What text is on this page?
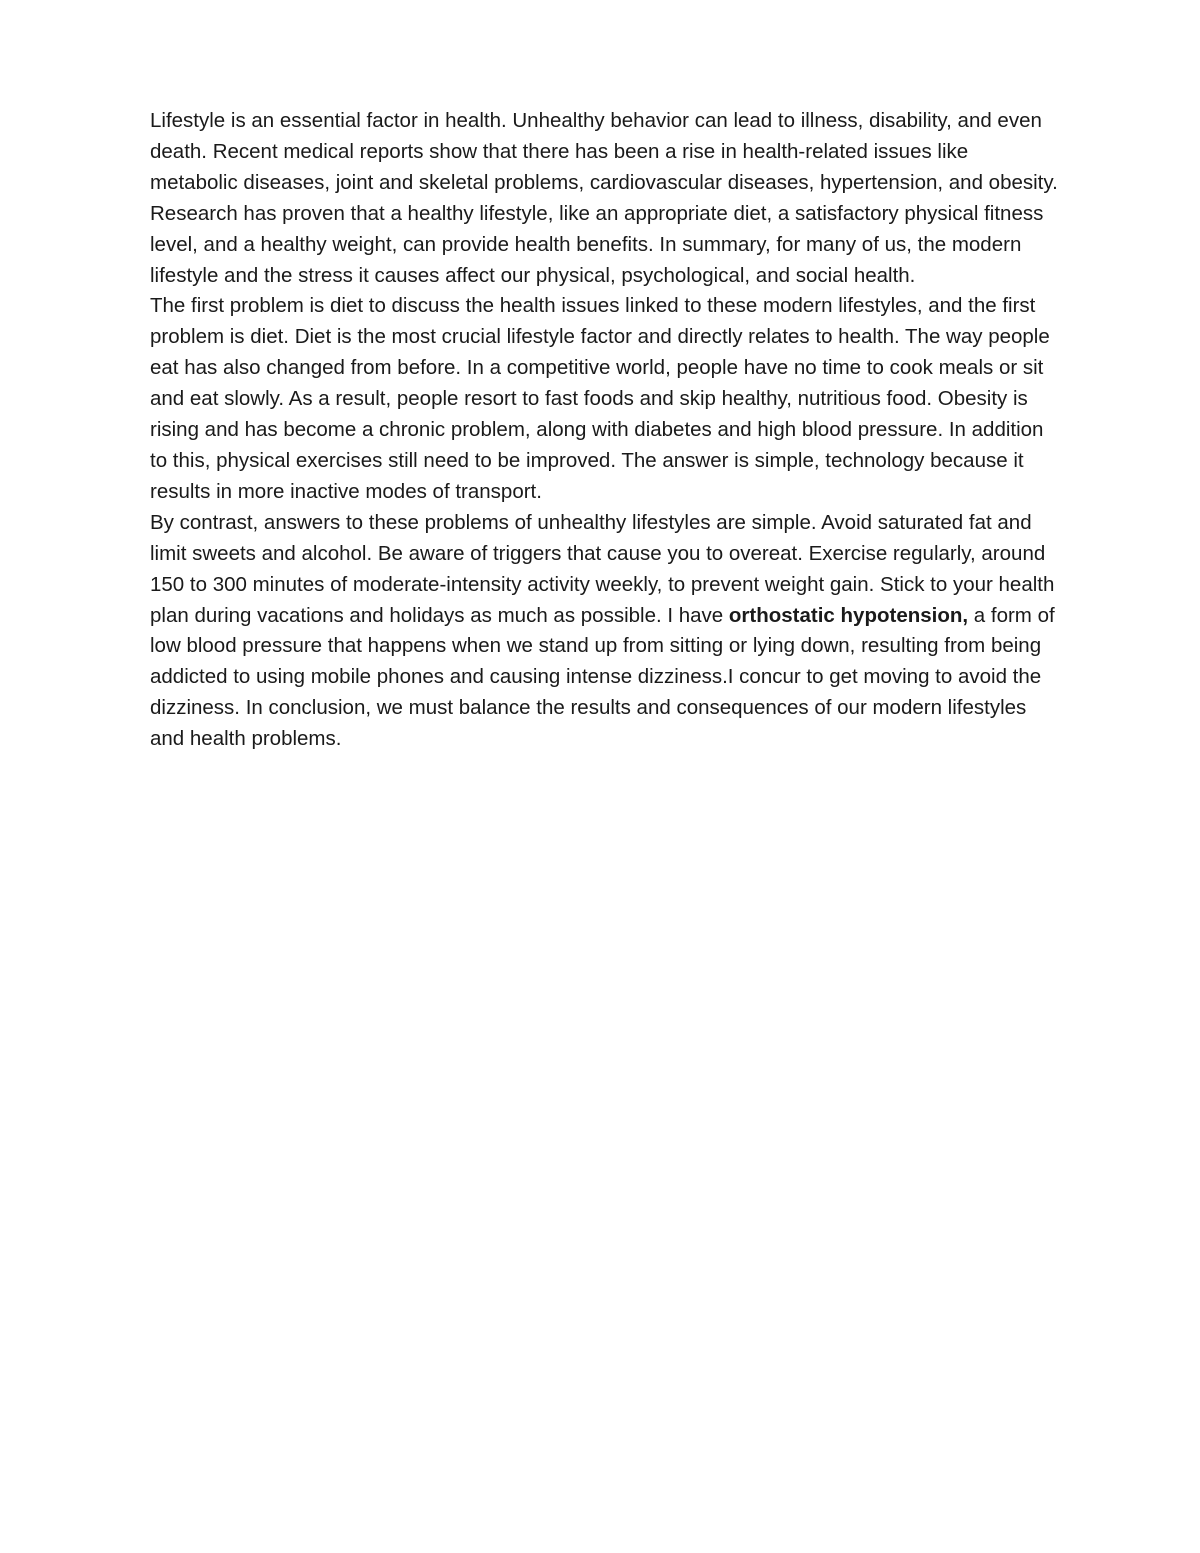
Lifestyle is an essential factor in health. Unhealthy behavior can lead to illness, disability, and even death. Recent medical reports show that there has been a rise in health-related issues like metabolic diseases, joint and skeletal problems, cardiovascular diseases, hypertension, and obesity. Research has proven that a healthy lifestyle, like an appropriate diet, a satisfactory physical fitness level, and a healthy weight, can provide health benefits. In summary, for many of us, the modern lifestyle and the stress it causes affect our physical, psychological, and social health.

The first problem is diet to discuss the health issues linked to these modern lifestyles, and the first problem is diet. Diet is the most crucial lifestyle factor and directly relates to health. The way people eat has also changed from before. In a competitive world, people have no time to cook meals or sit and eat slowly. As a result, people resort to fast foods and skip healthy, nutritious food. Obesity is rising and has become a chronic problem, along with diabetes and high blood pressure. In addition to this, physical exercises still need to be improved. The answer is simple, technology because it results in more inactive modes of transport.

By contrast, answers to these problems of unhealthy lifestyles are simple. Avoid saturated fat and limit sweets and alcohol. Be aware of triggers that cause you to overeat. Exercise regularly, around 150 to 300 minutes of moderate-intensity activity weekly, to prevent weight gain. Stick to your health plan during vacations and holidays as much as possible. I have orthostatic hypotension, a form of low blood pressure that happens when we stand up from sitting or lying down, resulting from being addicted to using mobile phones and causing intense dizziness.I concur to get moving to avoid the dizziness. In conclusion, we must balance the results and consequences of our modern lifestyles and health problems.
